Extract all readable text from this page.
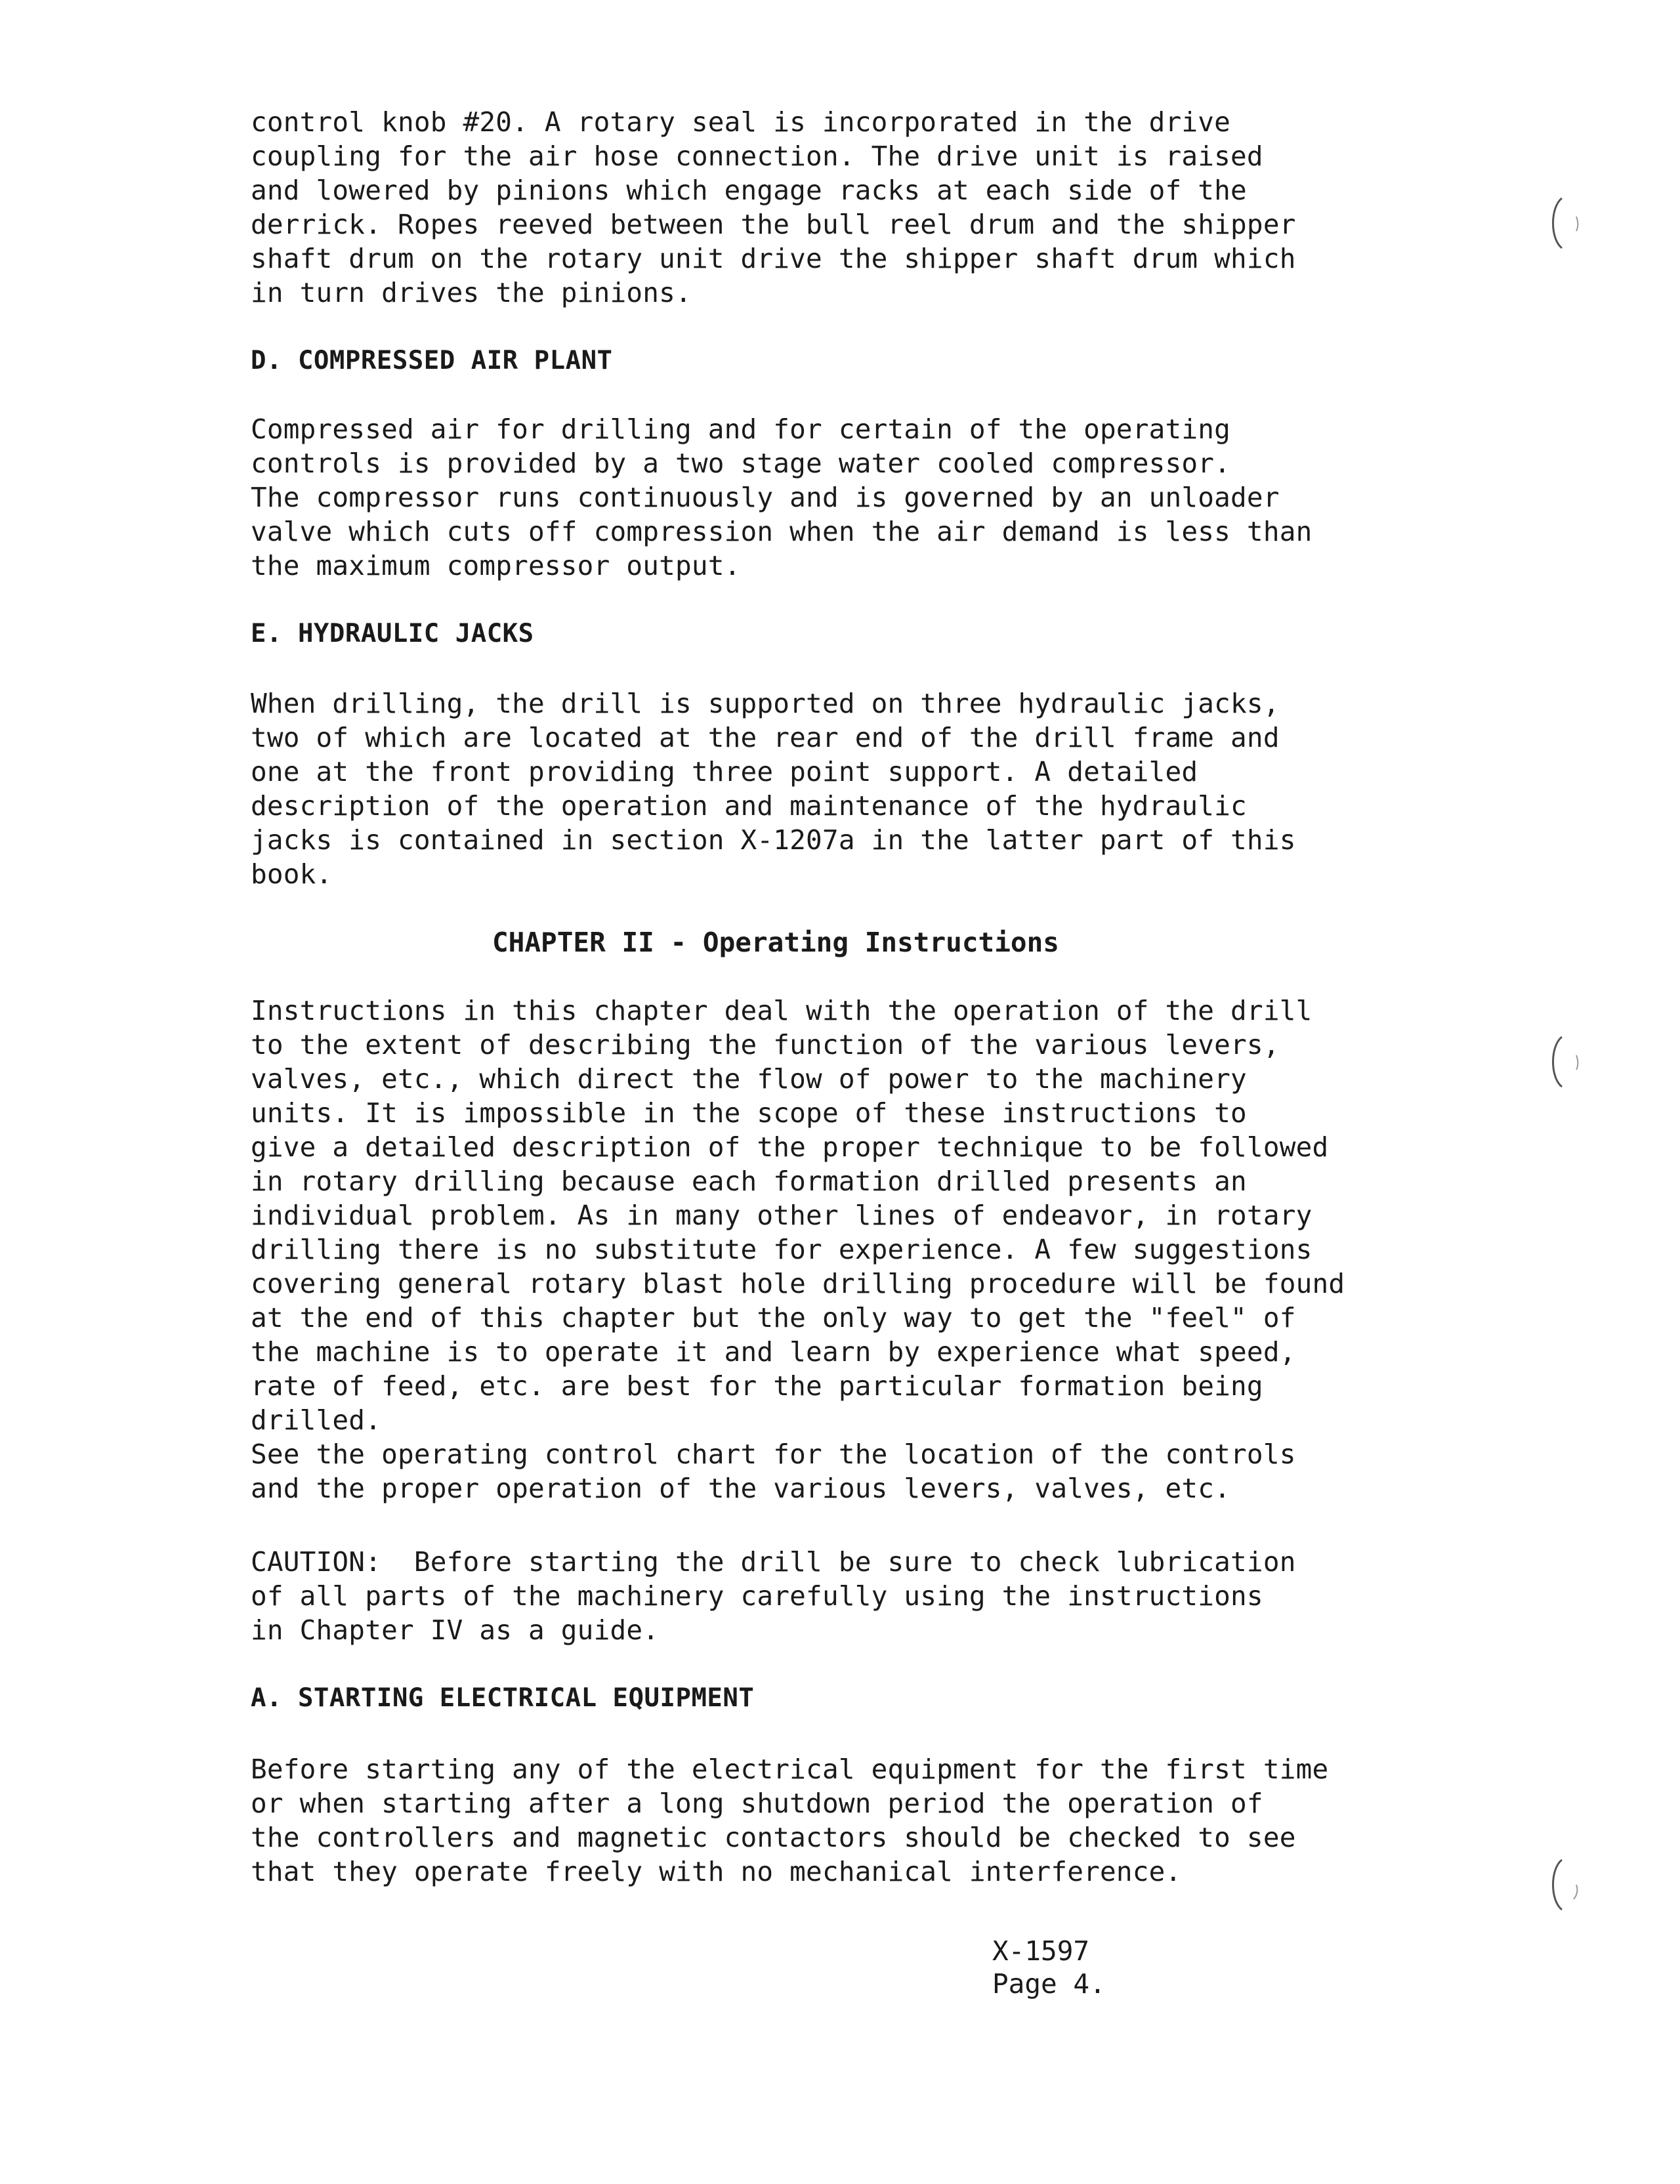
control knob #20. A rotary seal is incorporated in the drive
coupling for the air hose connection. The drive unit is raised
and lowered by pinions which engage racks at each side of the
derrick. Ropes reeved between the bull reel drum and the shipper
shaft drum on the rotary unit drive the shipper shaft drum which
in turn drives the pinions.

D. COMPRESSED AIR PLANT

Compressed air for drilling and for certain of the operating
controls is provided by a two stage water cooled compressor.
The compressor runs continuously and is governed by an unloader
valve which cuts off compression when the air demand is less than
the maximum compressor output.

E. HYDRAULIC JACKS

When drilling, the drill is supported on three hydraulic jacks,
two of which are located at the rear end of the drill frame and
one at the front providing three point support. A detailed
description of the operation and maintenance of the hydraulic
jacks is contained in section X-1207a in the latter part of this
book.

CHAPTER II - Operating Instructions

Instructions in this chapter deal with the operation of the drill
to the extent of describing the function of the various levers,
valves, etc., which direct the flow of power to the machinery
units. It is impossible in the scope of these instructions to
give a detailed description of the proper technique to be followed
in rotary drilling because each formation drilled presents an
individual problem. As in many other lines of endeavor, in rotary
drilling there is no substitute for experience. A few suggestions
covering general rotary blast hole drilling procedure will be found
at the end of this chapter but the only way to get the "feel" of
the machine is to operate it and learn by experience what speed,
rate of feed, etc. are best for the particular formation being
drilled.
See the operating control chart for the location of the controls
and the proper operation of the various levers, valves, etc.

CAUTION:  Before starting the drill be sure to check lubrication
of all parts of the machinery carefully using the instructions
in Chapter IV as a guide.

A. STARTING ELECTRICAL EQUIPMENT

Before starting any of the electrical equipment for the first time
or when starting after a long shutdown period the operation of
the controllers and magnetic contactors should be checked to see
that they operate freely with no mechanical interference.

X-1597
Page 4.
